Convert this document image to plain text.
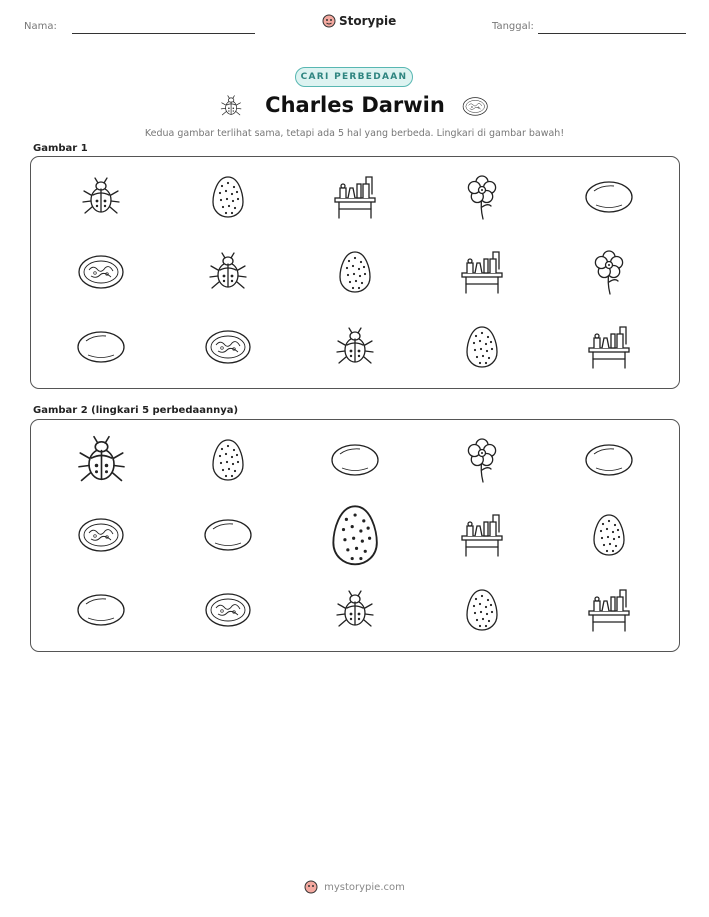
Nama:	Storypie	Tanggal:
CARI PERBEDAAN
Charles Darwin
Kedua gambar terlihat sama, tetapi ada 5 hal yang berbeda. Lingkari di gambar bawah!
Gambar 1
Gambar 2 (lingkari 5 perbedaannya)
mystorypie.com
